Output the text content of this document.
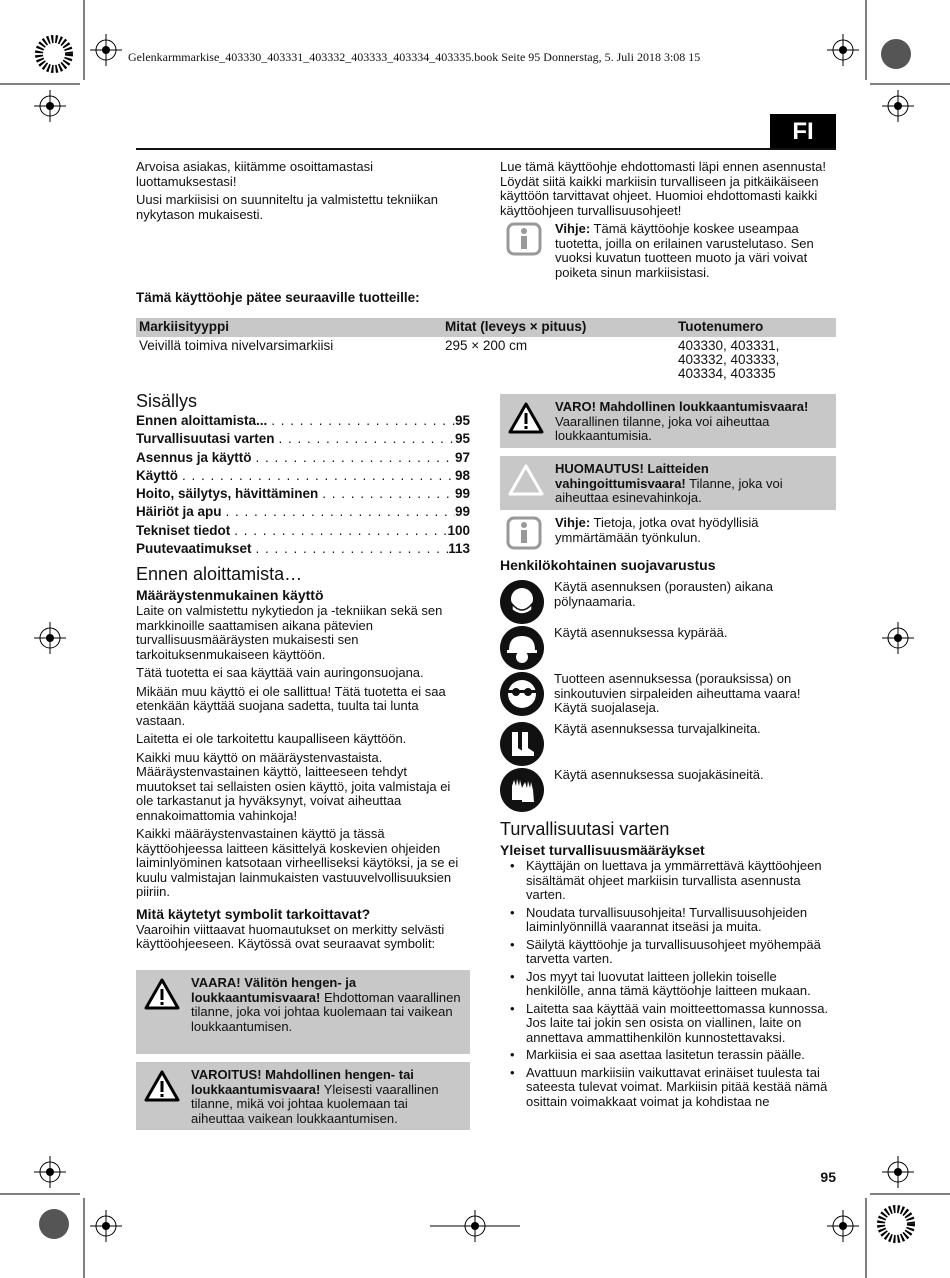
Gelenkarmmarkise_403330_403331_403332_403333_403334_403335.book Seite 95 Donnerstag, 5. Juli 2018 3:08 15
FI

Arvoisa asiakas, kiitämme osoittamastasi luottamuksestasi!

Uusi markiisisi on suunniteltu ja valmistettu tekniikan nykytason mukaisesti.

Lue tämä käyttöohje ehdottomasti läpi ennen asennusta! Löydät siitä kaikki markiisin turvalliseen ja pitkäikäiseen käyttöön tarvittavat ohjeet. Huomioi ehdottomasti kaikki käyttöohjeen turvallisuusohjeet!

Vihje: Tämä käyttöohje koskee useampaa tuotetta, joilla on erilainen varustelutaso. Sen vuoksi kuvatun tuotteen muoto ja väri voivat poiketa sinun markiisistasi.
Tämä käyttöohje pätee seuraaville tuotteille:
Markiisityyppi	Mitat (leveys × pituus)	Tuotenumero
Veivillä toimiva nivelvarsimarkiisi	295 × 200 cm	403330, 403331, 403332, 403333, 403334, 403335
Sisällys
Ennen aloittamista... . . .	95
Turvallisuutasi varten . . .	95
Asennus ja käyttö . . .	97
Käyttö . . .	98
Hoito, säilytys, hävittäminen . . .	99
Häiriöt ja apu . . .	99
Tekniset tiedot . . .	100
Puutevaatimukset . . .	113
Ennen aloittamista…
Määräystenmukainen käyttö

Laite on valmistettu nykytiedon ja -tekniikan sekä sen markkinoille saattamisen aikana pätevien turvallisuusmääräysten mukaisesti sen tarkoituksenmukaiseen käyttöön.

Tätä tuotetta ei saa käyttää vain auringonsuojana.

Mikään muu käyttö ei ole sallittua! Tätä tuotetta ei saa etenkään käyttää suojana sadetta, tuulta tai lunta vastaan.

Laitetta ei ole tarkoitettu kaupalliseen käyttöön.

Kaikki muu käyttö on määräystenvastaista. Määräystenvastainen käyttö, laitteeseen tehdyt muutokset tai sellaisten osien käyttö, joita valmistaja ei ole tarkastanut ja hyväksynyt, voivat aiheuttaa ennakoimattomia vahinkoja!

Kaikki määräystenvastainen käyttö ja tässä käyttöohjeessa laitteen käsittelyä koskevien ohjeiden laiminlyöminen katsotaan virheelliseksi käytöksi, ja se ei kuulu valmistajan lainmukaisten vastuuvelvollisuuksien piiriin.

Mitä käytetyt symbolit tarkoittavat?

Vaaroihin viittaavat huomautukset on merkitty selvästi käyttöohjeeseen. Käytössä ovat seuraavat symbolit:

VAARA! Välitön hengen- ja loukkaantumisvaara! Ehdottoman vaarallinen tilanne, joka voi johtaa kuolemaan tai vaikean loukkaantumisen.
VAROITUS! Mahdollinen hengen- tai loukkaantumisvaara! Yleisesti vaarallinen tilanne, mikä voi johtaa kuolemaan tai aiheuttaa vaikean loukkaantumisen.
VARO! Mahdollinen loukkaantumisvaara! Vaarallinen tilanne, joka voi aiheuttaa loukkaantumisia.
HUOMAUTUS! Laitteiden vahingoittumisvaara! Tilanne, joka voi aiheuttaa esinevahinkoja.
Vihje: Tietoja, jotka ovat hyödyllisiä ymmärtämään työnkulun.
Henkilökohtainen suojavarustus
Käytä asennuksen (porausten) aikana pölynaamaria.
Käytä asennuksessa kypärää.
Tuotteen asennuksessa (porauksissa) on sinkoutuvien sirpaleiden aiheuttama vaara! Käytä suojalaseja.
Käytä asennuksessa turvajalkineita.
Käytä asennuksessa suojakäsineitä.
Turvallisuutasi varten
Yleiset turvallisuusmääräykset
• Käyttäjän on luettava ja ymmärrettävä käyttöohjeen sisältämät ohjeet markiisin turvallista asennusta varten.
• Noudata turvallisuusohjeita! Turvallisuusohjeiden laiminlyönnillä vaarannat itseäsi ja muita.
• Säilytä käyttöohje ja turvallisuusohjeet myöhempää tarvetta varten.
• Jos myyt tai luovutat laitteen jollekin toiselle henkilölle, anna tämä käyttöohje laitteen mukaan.
• Laitetta saa käyttää vain moitteettomassa kunnossa. Jos laite tai jokin sen osista on viallinen, laite on annettava ammattihenkilön kunnostettavaksi.
• Markiisia ei saa asettaa lasitetun terassin päälle.
• Avattuun markiisiin vaikuttavat erinäiset tuulesta tai sateesta tulevat voimat. Markiisin pitää kestää nämä osittain voimakkaat voimat ja kohdistaa ne
95
